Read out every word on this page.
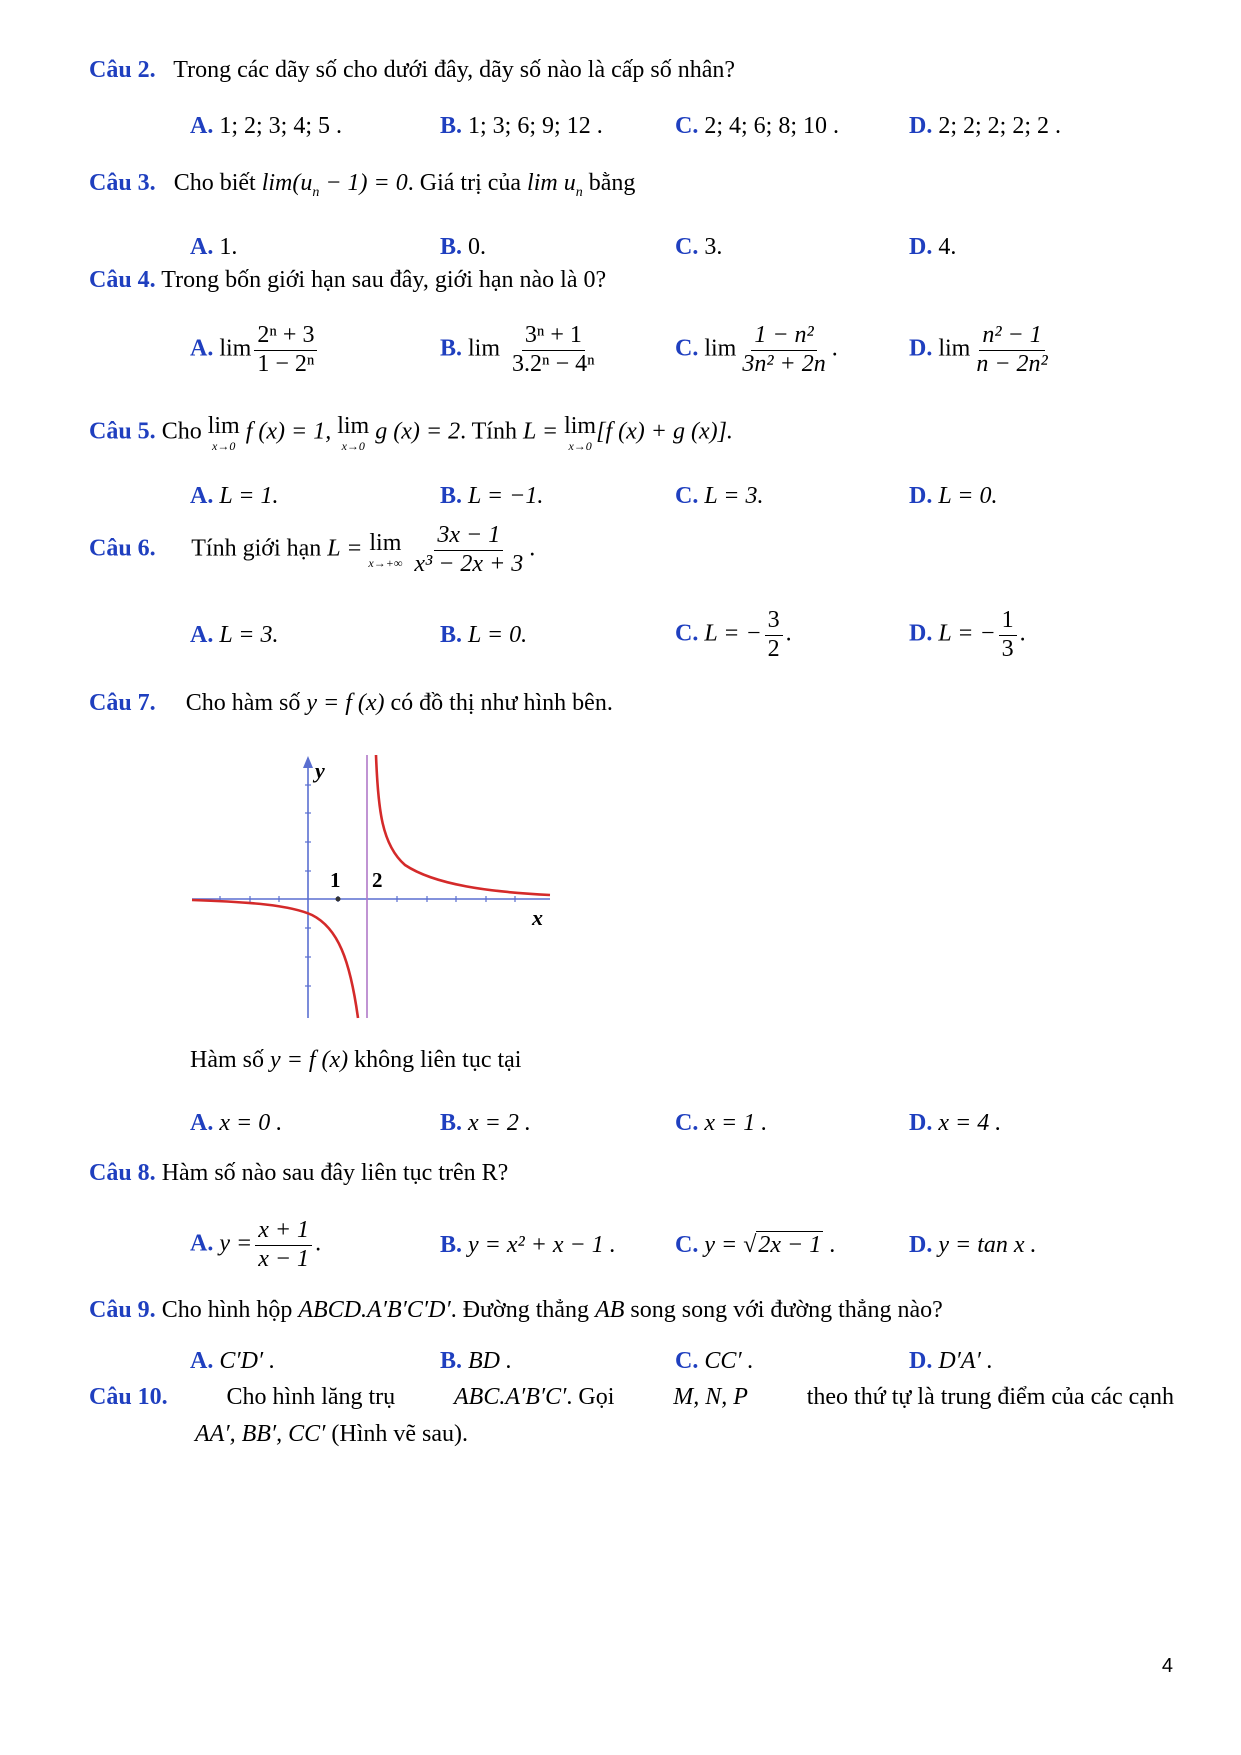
Câu 2. Trong các dãy số cho dưới đây, dãy số nào là cấp số nhân?
A. 1; 2; 3; 4; 5 .	B. 1; 3; 6; 9; 12 .	C. 2; 4; 6; 8; 10 .	D. 2; 2; 2; 2; 2 .
Câu 3. Cho biết $\lim(u_n - 1) = 0$. Giá trị của $\lim u_n$ bằng
A. 1.	B. 0.	C. 3.	D. 4.
Câu 4. Trong bốn giới hạn sau đây, giới hạn nào là 0?
A. $\lim \frac{\text{2ⁿ + 3}}{\text{1 − 2ⁿ}}$	B. $\lim \frac{\text{3ⁿ + 1}}{\text{3.2ⁿ − 4ⁿ}}$	C. $\lim \frac{\text{1 − n²}}{\text{3n² + 2n}}$ .	D. $\lim \frac{\text{n² − 1}}{\text{n − 2n²}}$
Câu 5. Cho lim
x→0
f (x) = 1, lim
x→0
g (x) = 2. Tính L = lim
x→0
[f (x) + g (x)].
A. L = 1.	B. L = −1.	C. L = 3.	D. L = 0.
Câu 6. Tính giới hạn L = lim
x→+∞
$\frac{3x - 1}{\text{x³ − 2x + 3}}$ .
A. L = 3.	B. L = 0.	C. L = − $\frac{3}{2}$ .	D. L = − $\frac{1}{3}$ .
Câu 7. Cho hàm số y = f (x) có đồ thị như hình bên.
y
x
1 2
Hàm số y = f (x) không liên tục tại
A. x = 0 .	B. x = 2 .	C. x = 1 .	D. x = 4 .
Câu 8. Hàm số nào sau đây liên tục trên R?
A. $y = \frac{x + 1}{x - 1}$ .	B. y = x² + x − 1 . C. y = √2x − 1 .	D. y = tan x .
Câu 9. Cho hình hộp ABCD.A′B′C′D′. Đường thẳng AB song song với đường thẳng nào?
A. C′D′ .	B. BD .	C. CC′ .	D. D′A′ .
Câu 10. Cho hình lăng trụ ABC.A′B′C′. Gọi M, N, P theo thứ tự là trung điểm của các cạnh
AA′, BB′, CC′ (Hình vẽ sau).
4
